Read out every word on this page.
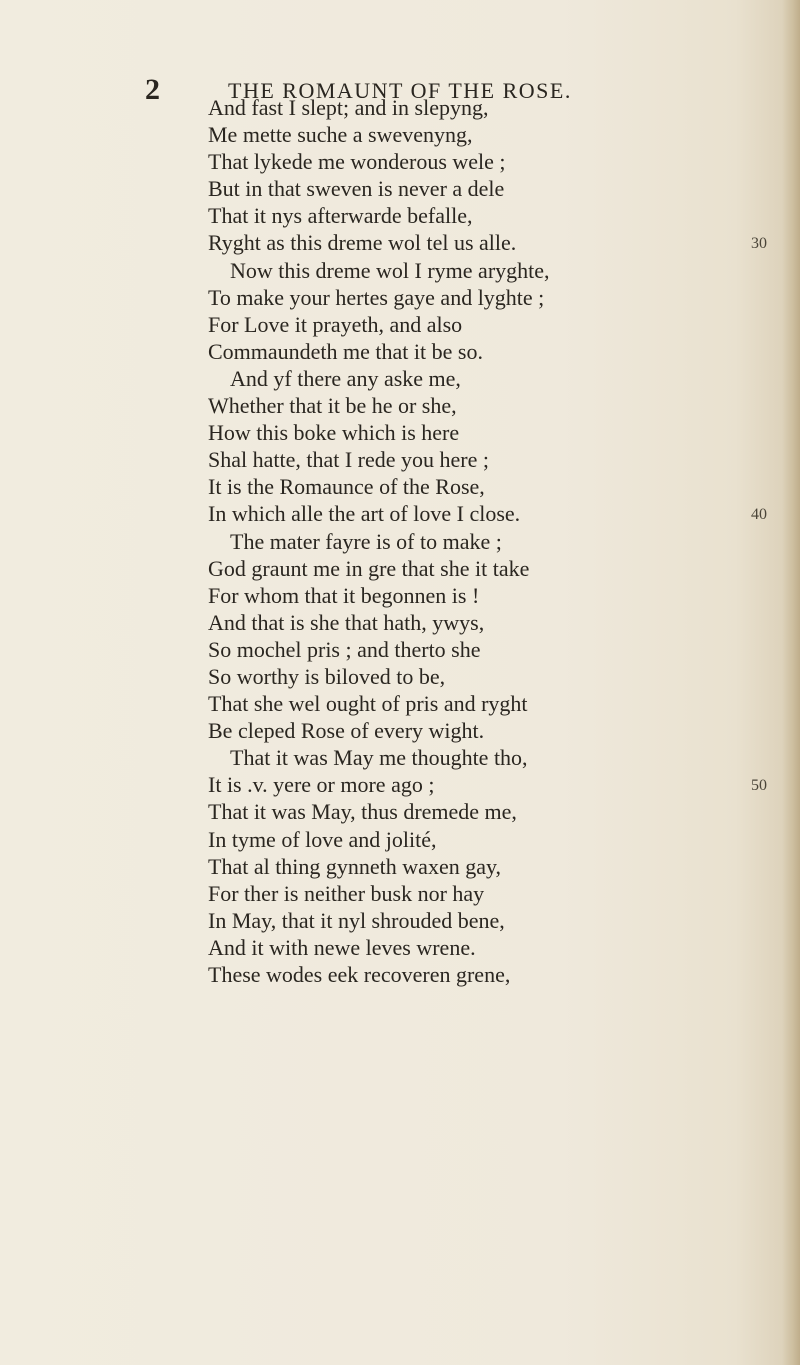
2	THE ROMAUNT OF THE ROSE.
And fast I slept; and in slepyng,
Me mette suche a swevenyng,
That lykede me wonderous wele ;
But in that sweven is never a dele
That it nys afterwarde befalle,
Ryght as this dreme wol tel us alle.	30
Now this dreme wol I ryme aryghte,
To make your hertes gaye and lyghte ;
For Love it prayeth, and also
Commaundeth me that it be so.
And yf there any aske me,
Whether that it be he or she,
How this boke which is here
Shal hatte, that I rede you here ;
It is the Romaunce of the Rose,
In which alle the art of love I close.	40
The mater fayre is of to make ;
God graunt me in gre that she it take
For whom that it begonnen is !
And that is she that hath, ywys,
So mochel pris ; and therto she
So worthy is biloved to be,
That she wel ought of pris and ryght
Be cleped Rose of every wight.
That it was May me thoughte tho,
It is .v. yere or more ago ;	50
That it was May, thus dremede me,
In tyme of love and jolité,
That al thing gynneth waxen gay,
For ther is neither busk nor hay
In May, that it nyl shrouded bene,
And it with newe leves wrene.
These wodes eek recoveren grene,
